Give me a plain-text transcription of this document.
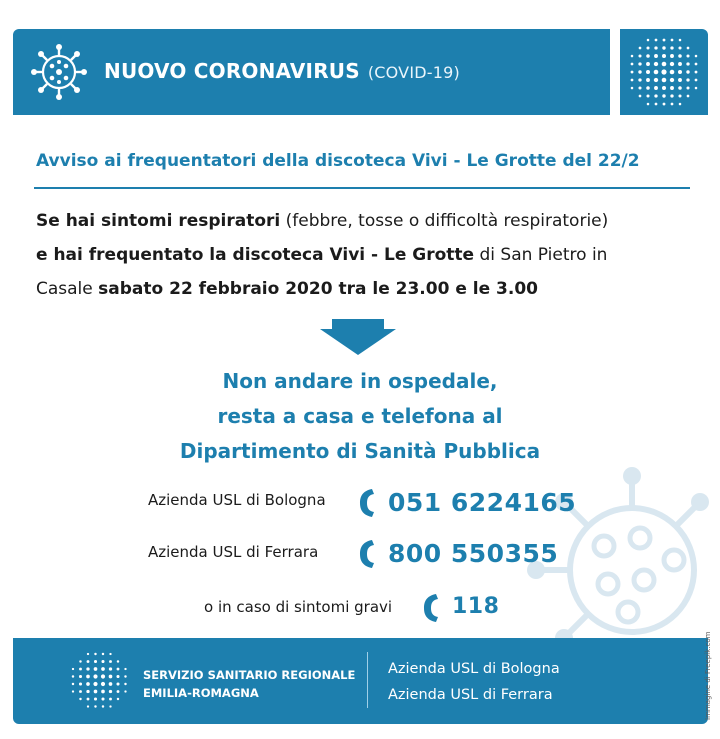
NUOVO CORONAVIRUS (COVID-19)
Avviso ai frequentatori della discoteca Vivi - Le Grotte del 22/2
Se hai sintomi respiratori (febbre, tosse o difficoltà respiratorie)
e hai frequentato la discoteca Vivi - Le Grotte di San Pietro in
Casale sabato 22 febbraio 2020 tra le 23.00 e le 3.00
Non andare in ospedale,
resta a casa e telefona al
Dipartimento di Sanità Pubblica
Azienda USL di Bologna 051 6224165
Azienda USL di Ferrara	800 550355
o in caso di sintomi gravi	118
SERVIZIO SANITARIO REGIONALE
EMILIA-ROMAGNA
Azienda USL di Bologna
Azienda USL di Ferrara	Immagine di Freepik.com
